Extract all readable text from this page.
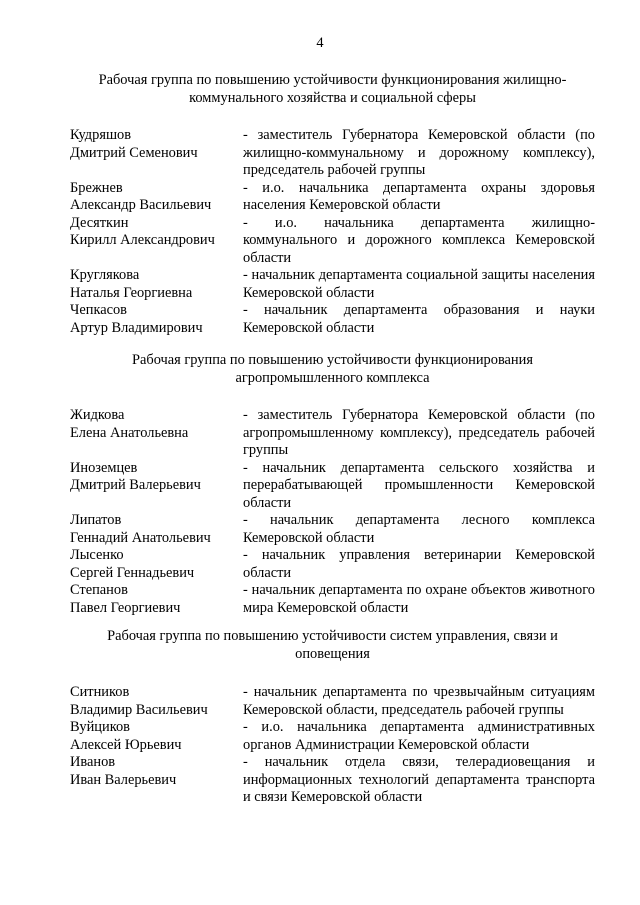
4
Рабочая группа по повышению устойчивости функционирования жилищно-
коммунального хозяйства и социальной сферы
Кудряшов
Дмитрий Семенович
- заместитель Губернатора Кемеровской области (по жилищно-коммунальному и дорожному комплексу), председатель рабочей группы
Брежнев
Александр Васильевич
- и.о. начальника департамента охраны здоровья населения Кемеровской области
Десяткин
Кирилл Александрович
- и.о. начальника департамента жилищно-коммунального и дорожного комплекса Кемеровской области
Круглякова
Наталья Георгиевна
- начальник департамента социальной защиты населения Кемеровской области
Чепкасов
Артур Владимирович
- начальник департамента образования и науки Кемеровской области
Рабочая группа по повышению устойчивости функционирования
агропромышленного комплекса
Жидкова
Елена Анатольевна
- заместитель Губернатора Кемеровской области (по агропромышленному комплексу), председатель рабочей группы
Иноземцев
Дмитрий Валерьевич
- начальник департамента сельского хозяйства и перерабатывающей промышленности Кемеровской области
Липатов
Геннадий Анатольевич
- начальник департамента лесного комплекса Кемеровской области
Лысенко
Сергей Геннадьевич
- начальник управления ветеринарии Кемеровской области
Степанов
Павел Георгиевич
- начальник департамента по охране объектов животного мира Кемеровской области
Рабочая группа по повышению устойчивости систем управления, связи и
оповещения
Ситников
Владимир Васильевич
- начальник департамента по чрезвычайным ситуациям Кемеровской области, председатель рабочей группы
Вуйциков
Алексей Юрьевич
- и.о. начальника департамента административных органов Администрации Кемеровской области
Иванов
Иван Валерьевич
- начальник отдела связи, телерадиовещания и информационных технологий департамента транспорта и связи Кемеровской области
